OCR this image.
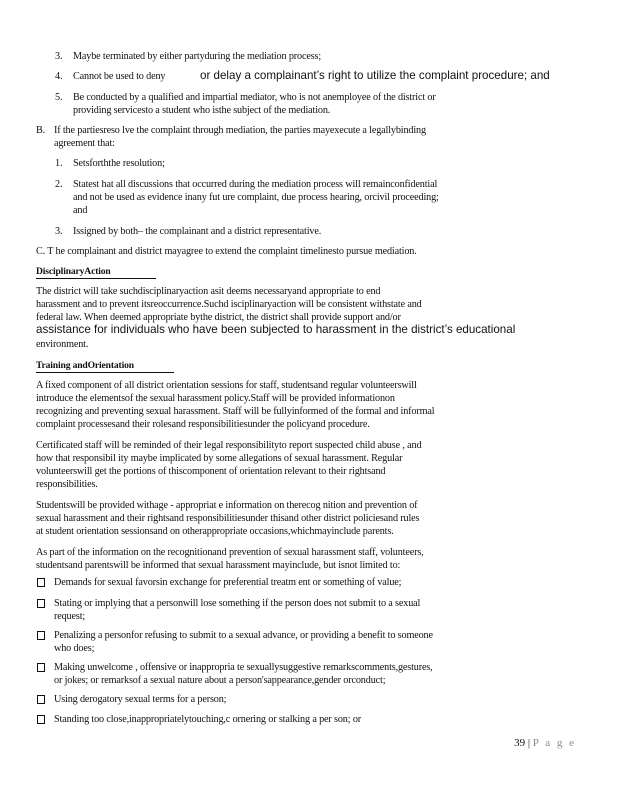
3. Maybe terminated by either partyduring the mediation process;
4. Cannot be used to deny	or delay a complainant’s right to utilize the complaint procedure; and
5. Be conducted by a qualified and impartial mediator, who is not anemployee of the district or
providing servicesto a student who isthe subject of the mediation.
B. If the partiesreso lve the complaint through mediation, the parties mayexecute a legallybinding
agreement that:
1. Setsforththe resolution;
2. Statest hat all discussions that occurred during the mediation process will remainconfidential
and not be used as evidence inany fut ure complaint, due process hearing, orcivil proceeding;
and
3. Issigned by both– the complainant and a district representative.
C. T he complainant and district mayagree to extend the complaint timelinesto pursue mediation.
DisciplinaryAction
The district will take suchdisciplinaryaction asit deems necessaryand appropriate to end
harassment and to prevent itsreoccurrence.Suchd isciplinaryaction will be consistent withstate and
federal law. When deemed appropriate bythe district, the district shall provide support and/or
assistance for individuals who have been subjected to harassment in the district’s educational
environment.
Training andOrientation
A fixed component of all district orientation sessions for staff, studentsand regular volunteerswill
introduce the elementsof the sexual harassment policy.Staff will be provided informationon
recognizing and preventing sexual harassment. Staff will be fullyinformed of the formal and informal
complaint processesand their rolesand responsibilitiesunder the policyand procedure.
Certificated staff will be reminded of their legal responsibilityto report suspected child abuse , and
how that responsibil ity maybe implicated by some allegations of sexual harassment. Regular
volunteerswill get the portions of thiscomponent of orientation relevant to their rightsand
responsibilities.
Studentswill be provided withage - appropriat e information on therecog nition and prevention of
sexual harassment and their rightsand responsibilitiesunder thisand other district policiesand rules
at student orientation sessionsand on otherappropriate occasions,whichmayinclude parents.
As part of the information on the recognitionand prevention of sexual harassment staff, volunteers,
studentsand parentswill be informed that sexual harassment mayinclude, but isnot limited to:
Demands for sexual favorsin exchange for preferential treatm ent or something of value;
Stating or implying that a personwill lose something if the person does not submit to a sexual
request;
Penalizing a personfor refusing to submit to a sexual advance, or providing a benefit to someone
who does;
Making unwelcome , offensive or inappropria te sexuallysuggestive remarkscomments,gestures,
or jokes; or remarksof a sexual nature about a person'sappearance,gender orconduct;
Using derogatory sexual terms for a person;
Standing too close,inappropriatelytouching,c ornering or stalking a per son; or
39 | P a g e
